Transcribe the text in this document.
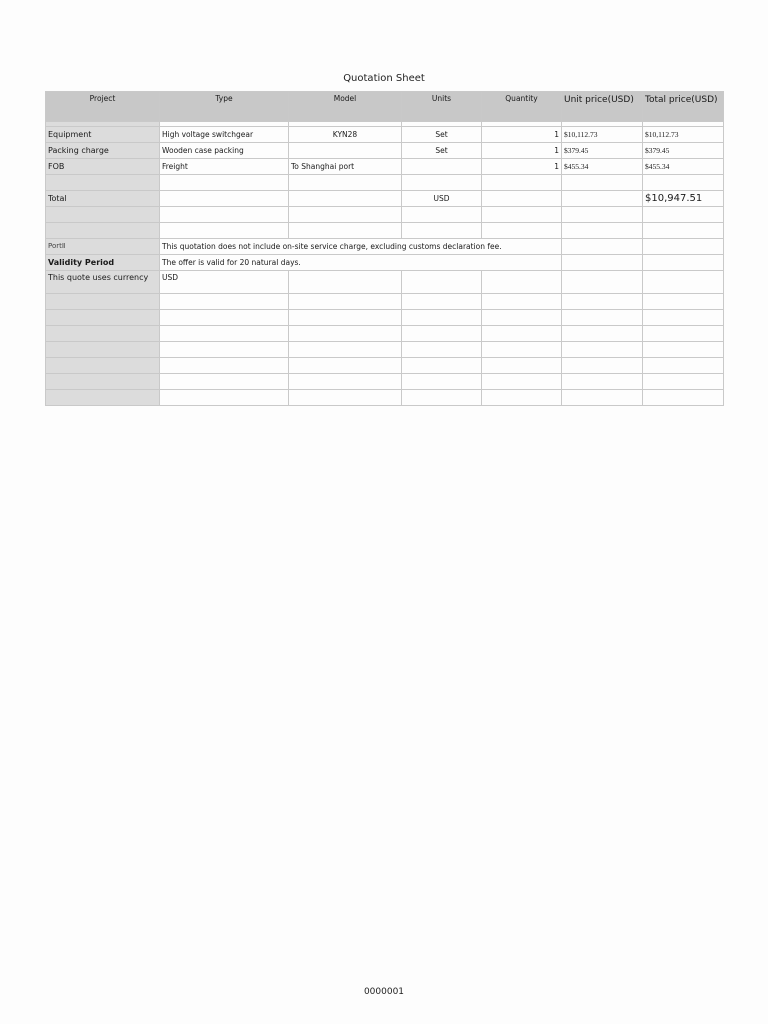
Quotation Sheet
Project	Type	Model	Units	Quantity	Unit price(USD)	Total price(USD)

Equipment	High voltage switchgear	KYN28	Set	1	$10,112.73	$10,112.73
Packing charge	Wooden case packing		Set	1	$379.45	$379.45
FOB	Freight	To Shanghai port		1	$455.34	$455.34

Total			USD			$10,947.51

PortⅡ	This quotation does not include on-site service charge, excluding customs declaration fee.					
Validity Period	The offer is valid for 20 natural days.					
This quote uses currency	USD					

0000001
